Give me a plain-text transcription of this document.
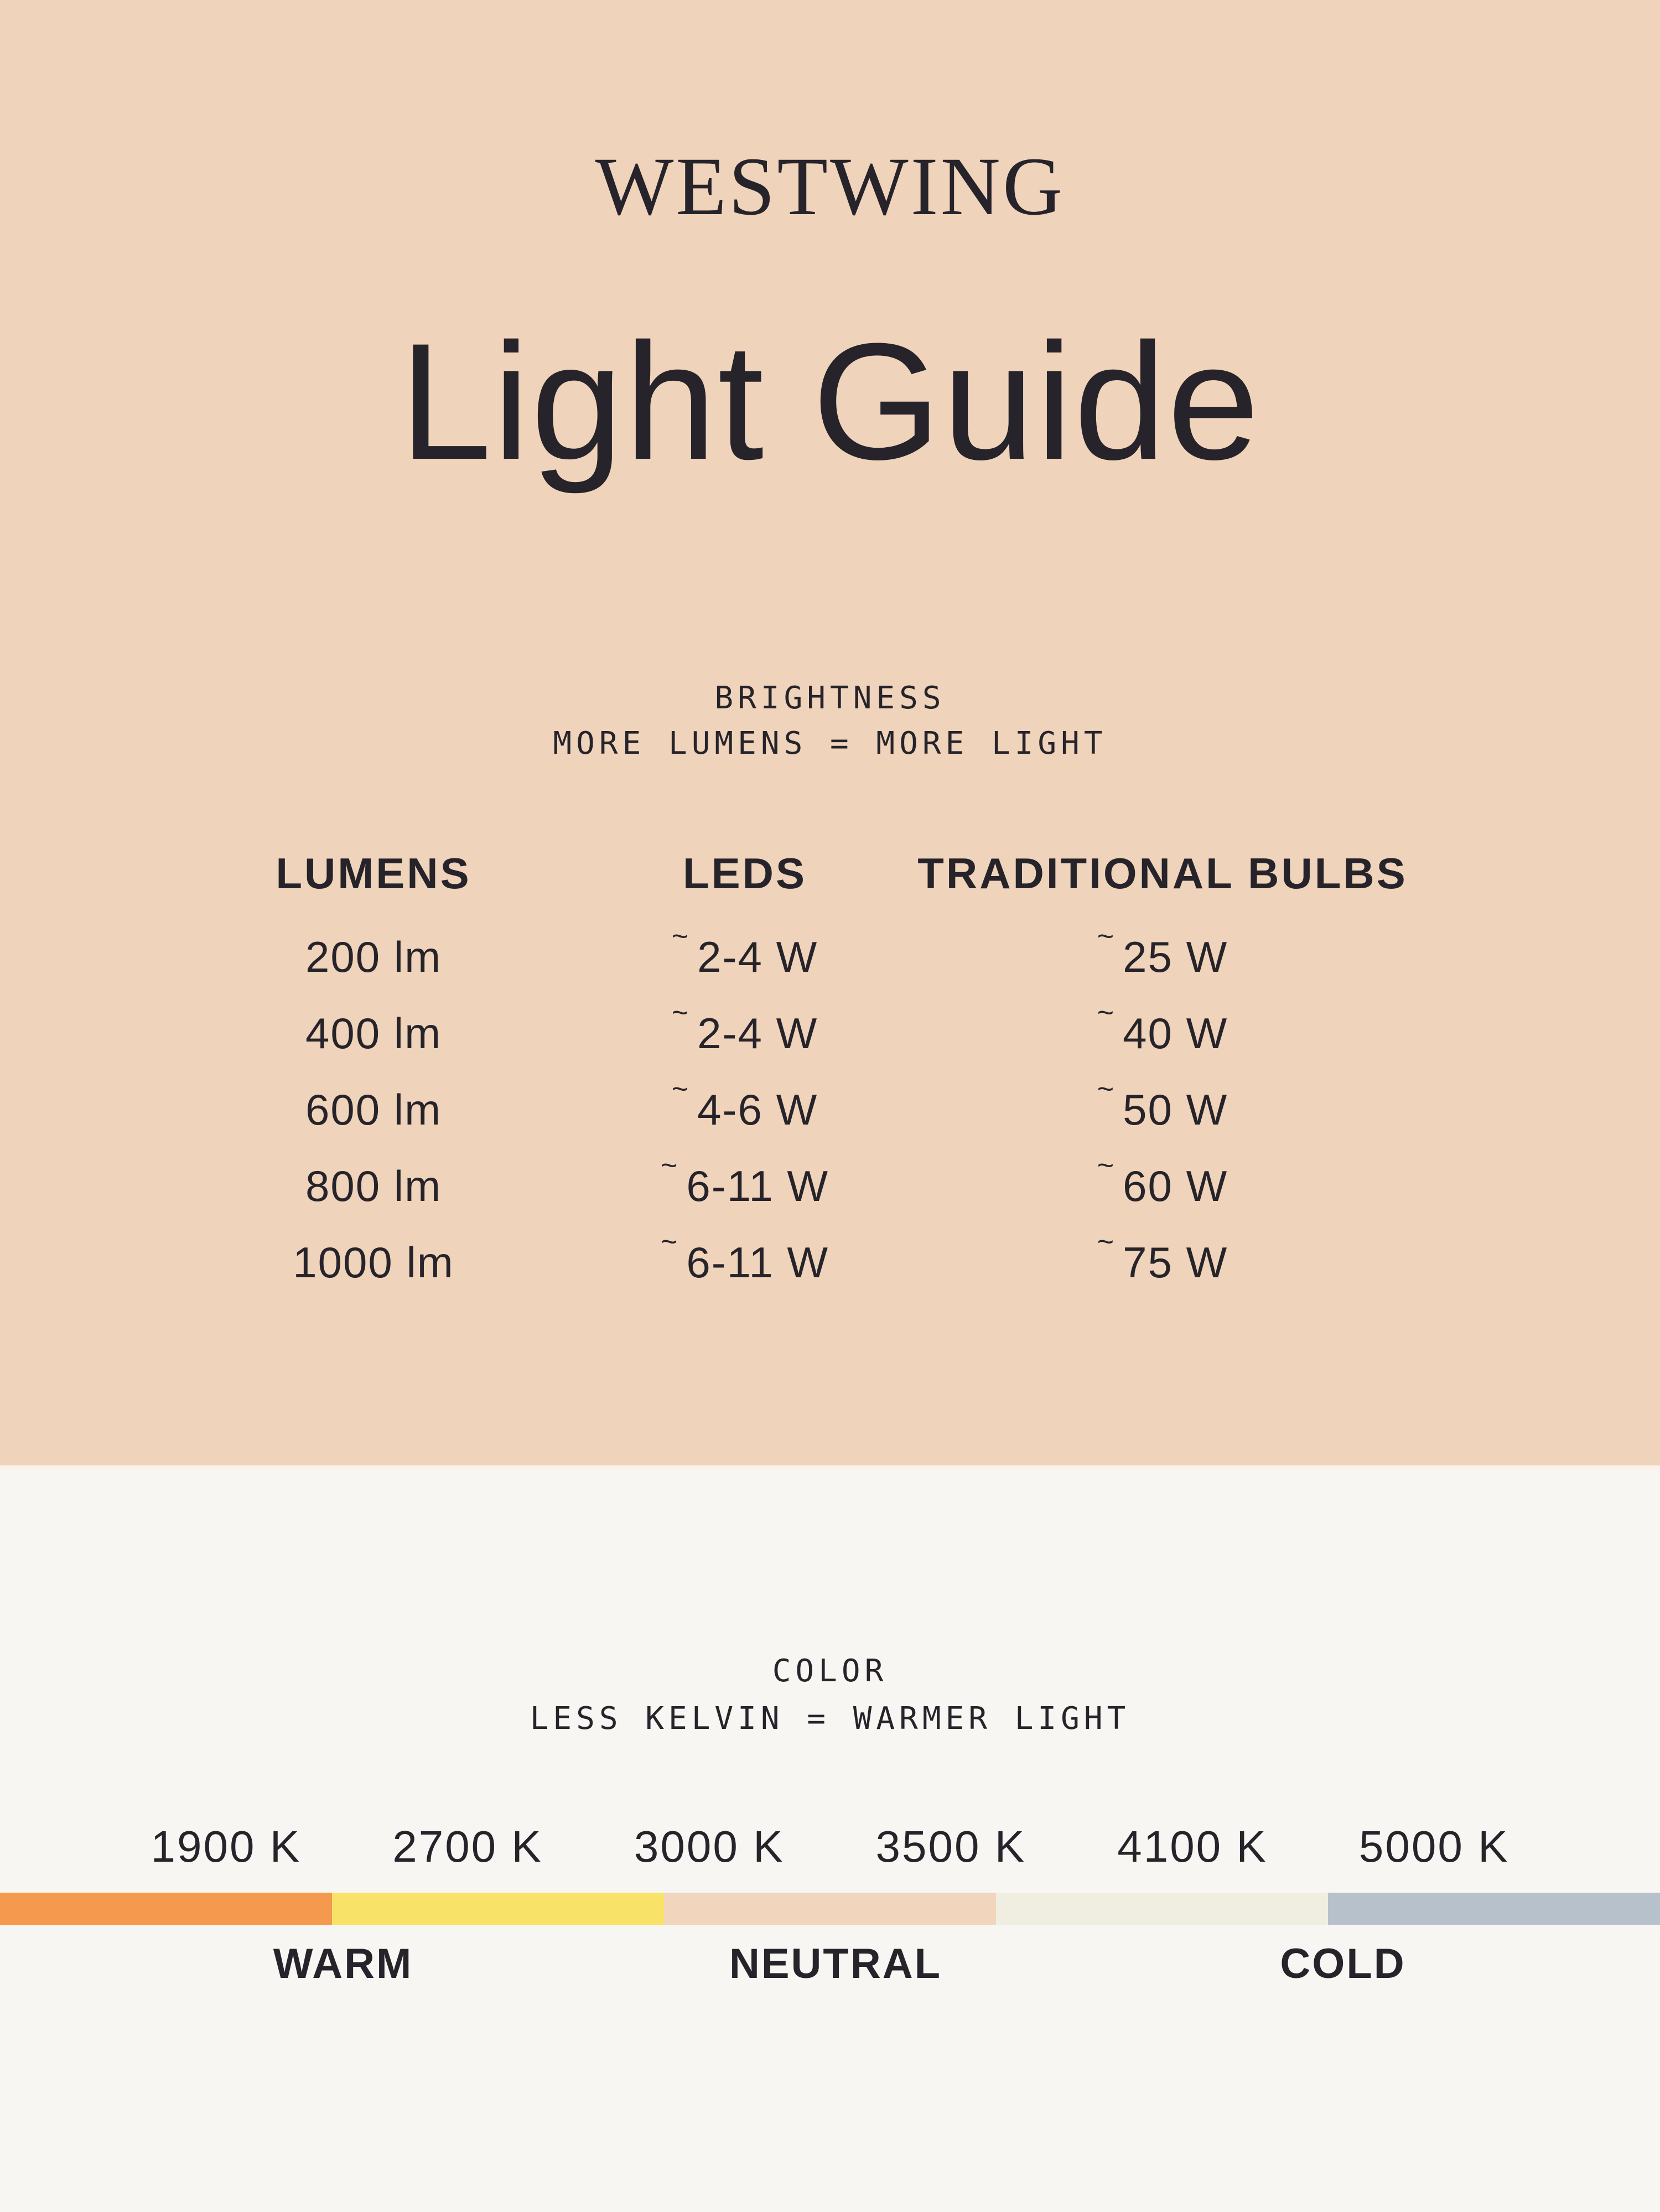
WESTWING
Light Guide
BRIGHTNESS
MORE LUMENS = MORE LIGHT
LUMENS	LEDS	TRADITIONAL BULBS
200 lm	~ 2-4 W	~ 25 W
400 lm	~ 2-4 W	~ 40 W
600 lm	~ 4-6 W	~ 50 W
800 lm	~ 6-11 W	~ 60 W
1000 lm	~ 6-11 W	~ 75 W
COLOR
LESS KELVIN = WARMER LIGHT
1900 K	2700 K	3000 K	3500 K	4100 K	5000 K
WARM	NEUTRAL	COLD
